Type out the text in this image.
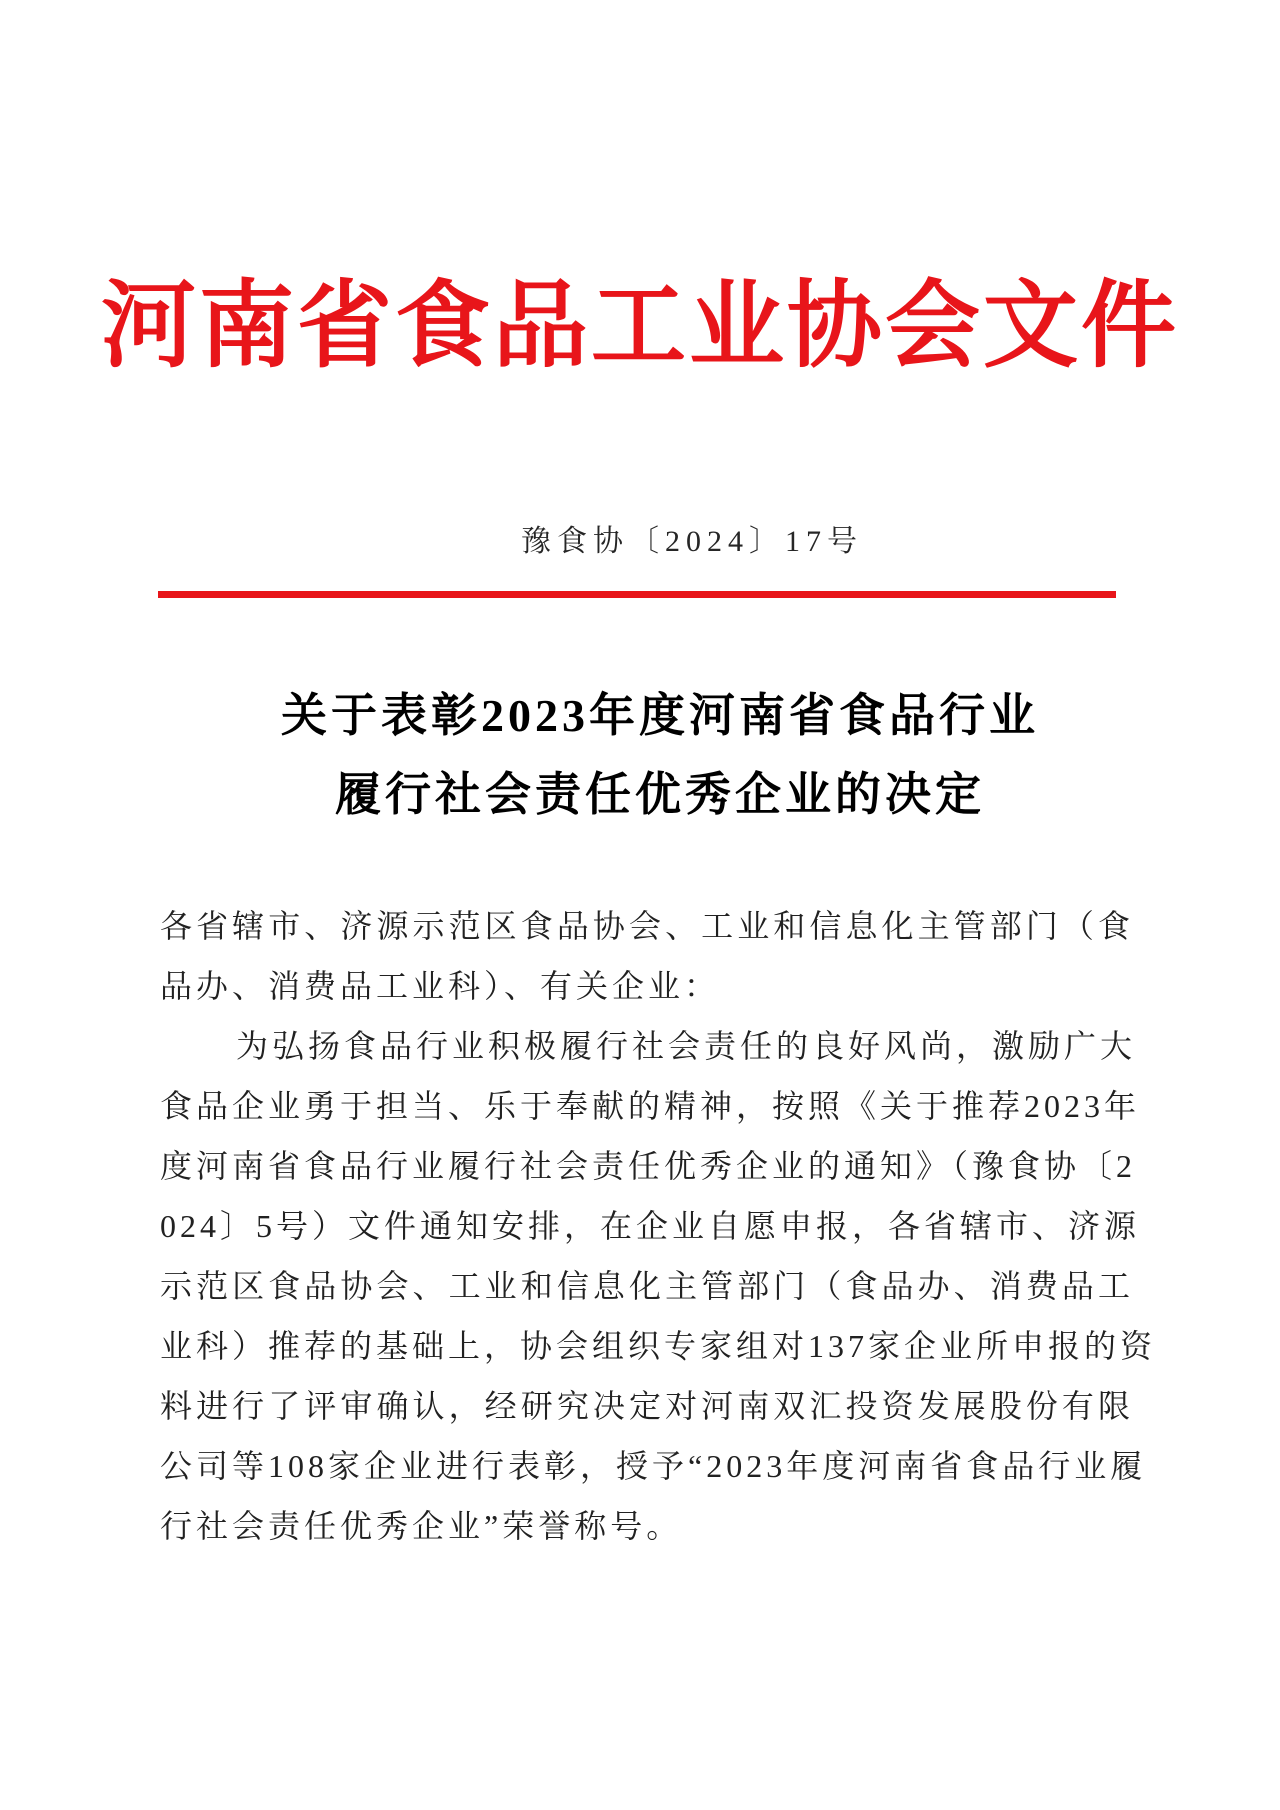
河南省食品工业协会文件
豫食协〔2024〕17号
关于表彰2023年度河南省食品行业
履行社会责任优秀企业的决定
各省辖市、济源示范区食品协会、工业和信息化主管部门（食
品办、消费品工业科）、有关企业：
为弘扬食品行业积极履行社会责任的良好风尚，激励广大
食品企业勇于担当、乐于奉献的精神，按照《关于推荐2023年
度河南省食品行业履行社会责任优秀企业的通知》（豫食协〔2
024〕5号）文件通知安排，在企业自愿申报，各省辖市、济源
示范区食品协会、工业和信息化主管部门（食品办、消费品工
业科）推荐的基础上，协会组织专家组对137家企业所申报的资
料进行了评审确认，经研究决定对河南双汇投资发展股份有限
公司等108家企业进行表彰，授予“2023年度河南省食品行业履
行社会责任优秀企业”荣誉称号。
